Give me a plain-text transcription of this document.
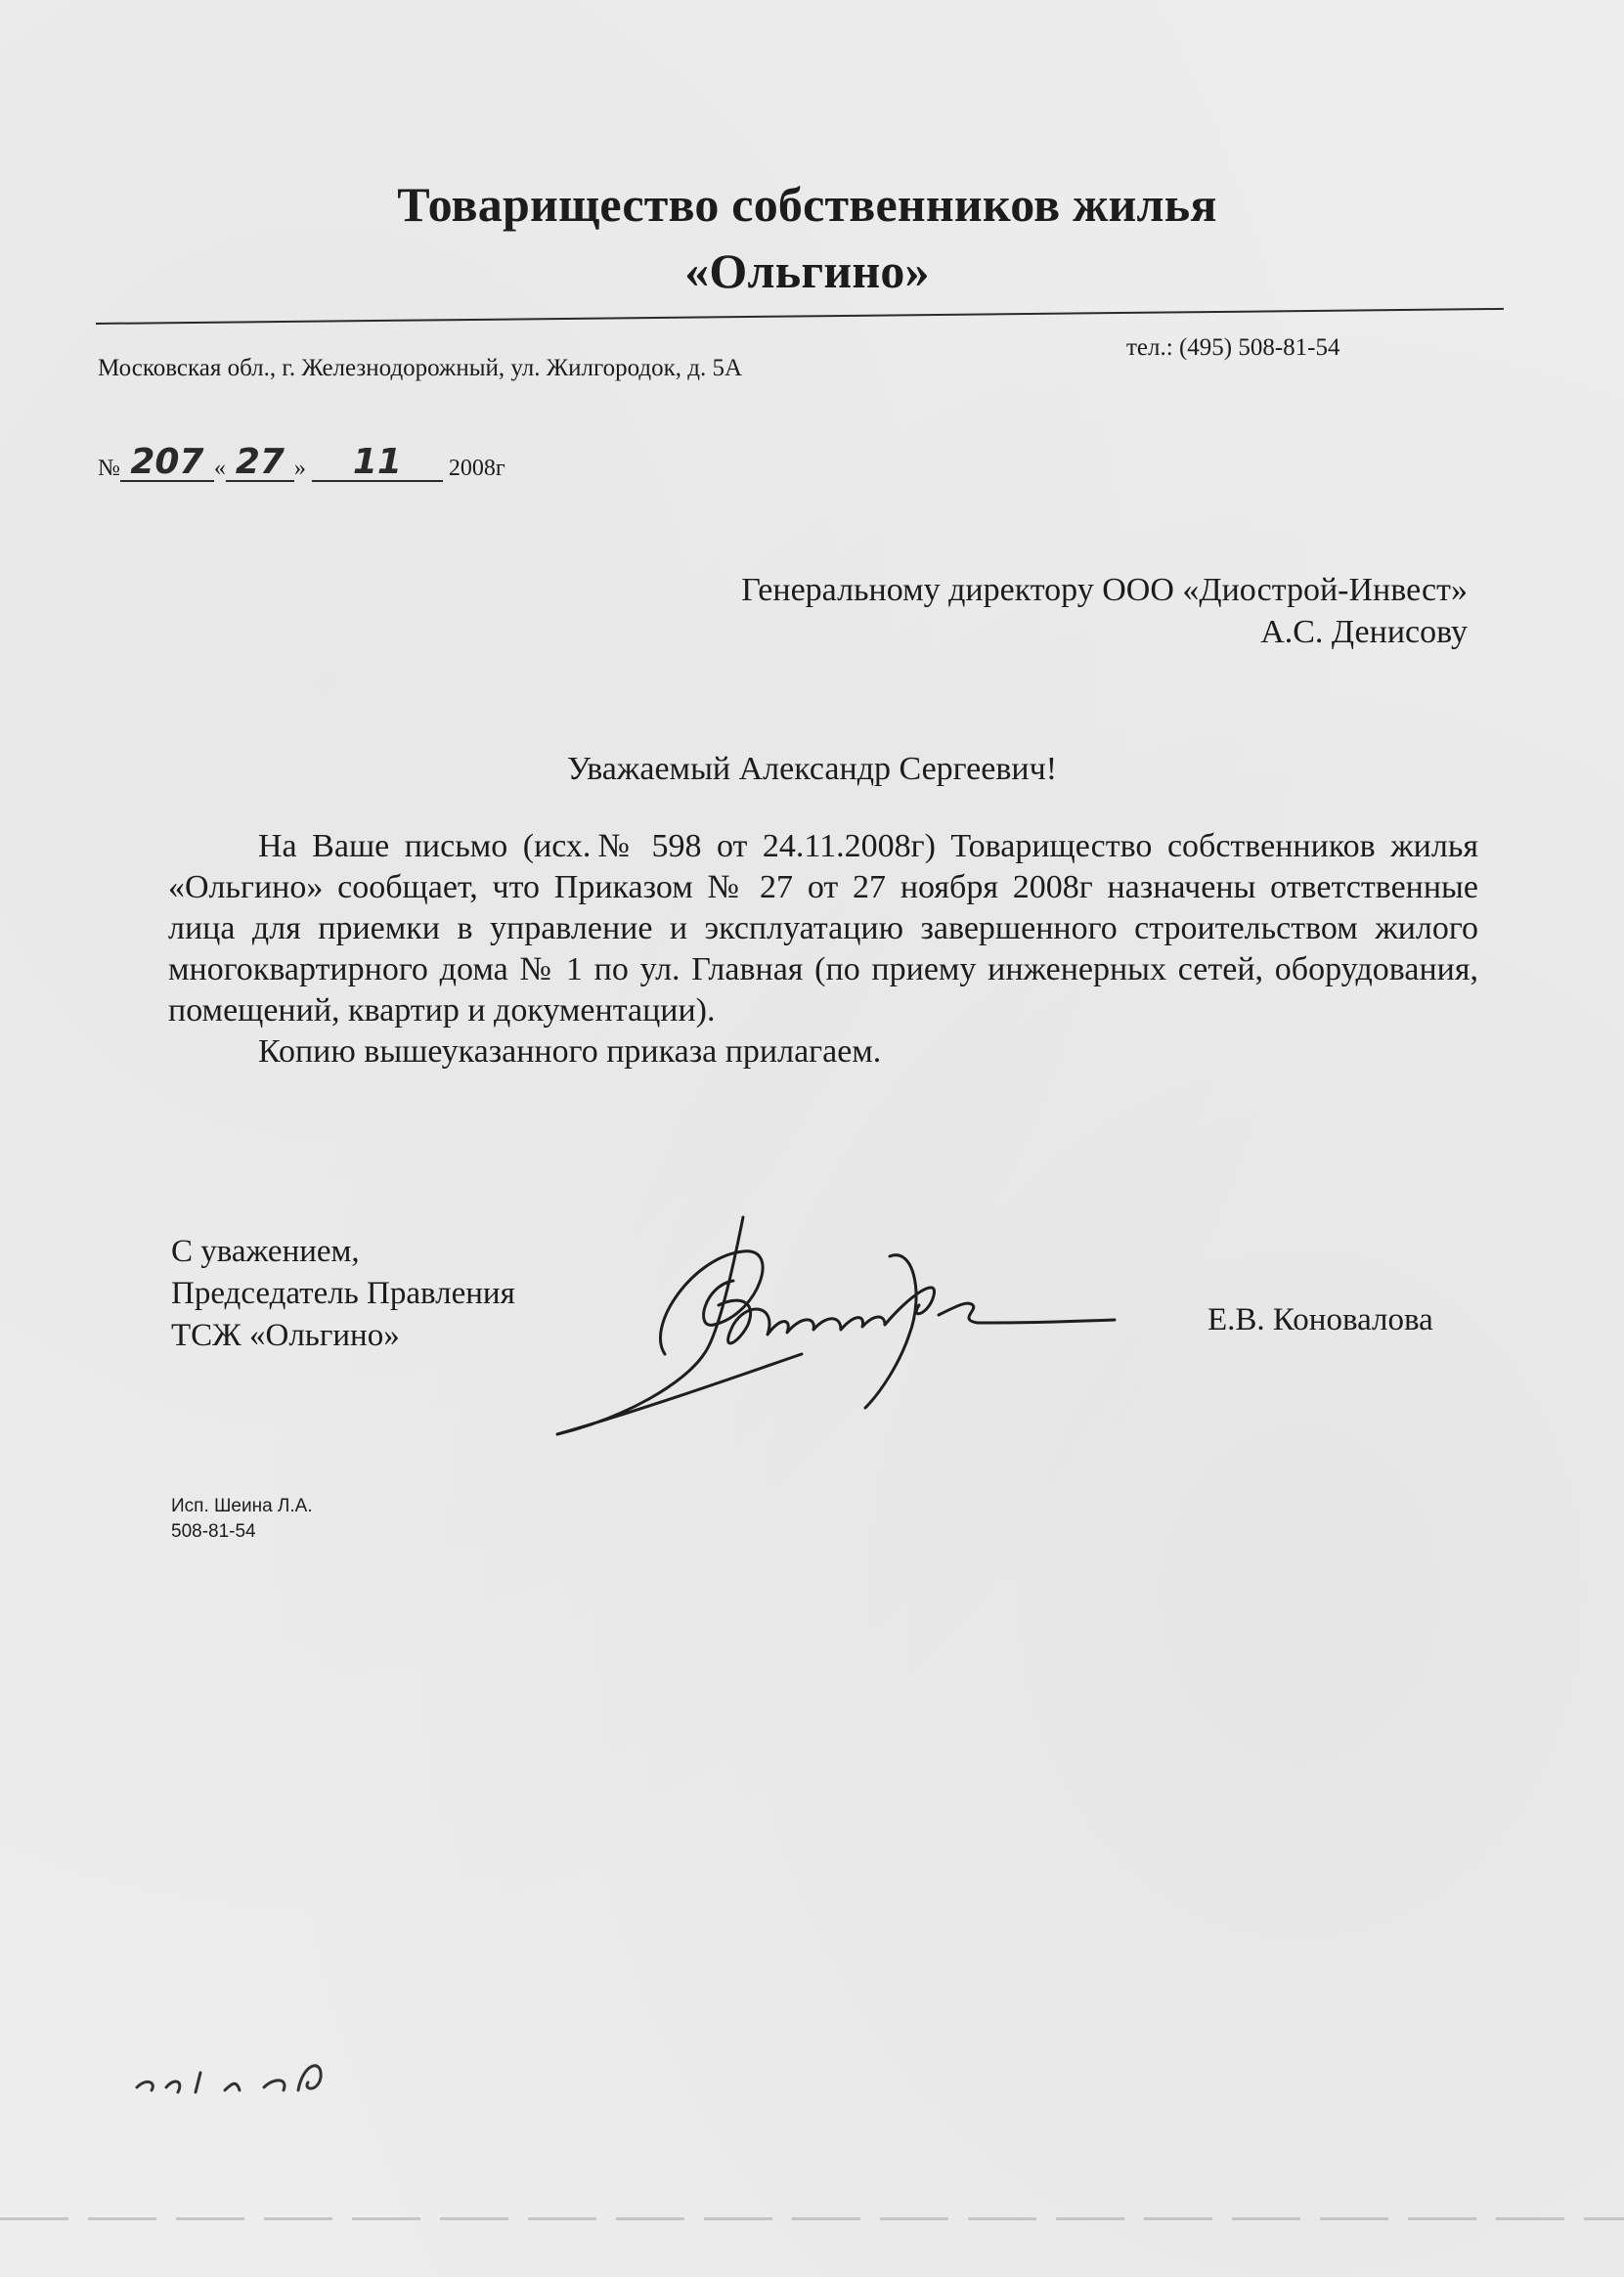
Товарищество собственников жилья
«Ольгино»
Московская обл., г. Железнодорожный, ул. Жилгородок, д. 5А
тел.: (495) 508-81-54
№ 207 « 27 »	11	2008г
Генеральному директору ООО «Диострой-Инвест»
А.С. Денисову
Уважаемый Александр Сергеевич!

На Ваше письмо (исх.№ 598 от 24.11.2008г) Товарищество собственников жилья «Ольгино» сообщает, что Приказом № 27 от 27 ноября 2008г назначены ответственные лица для приемки в управление и эксплуатацию завершенного строительством жилого многоквартирного дома № 1 по ул. Главная (по приему инженерных сетей, оборудования, помещений, квартир и документации).

Копию вышеуказанного приказа прилагаем.

С уважением,
Председатель Правления
ТСЖ «Ольгино»	Е.В. Коновалова
Исп. Шеина Л.А.
508-81-54
